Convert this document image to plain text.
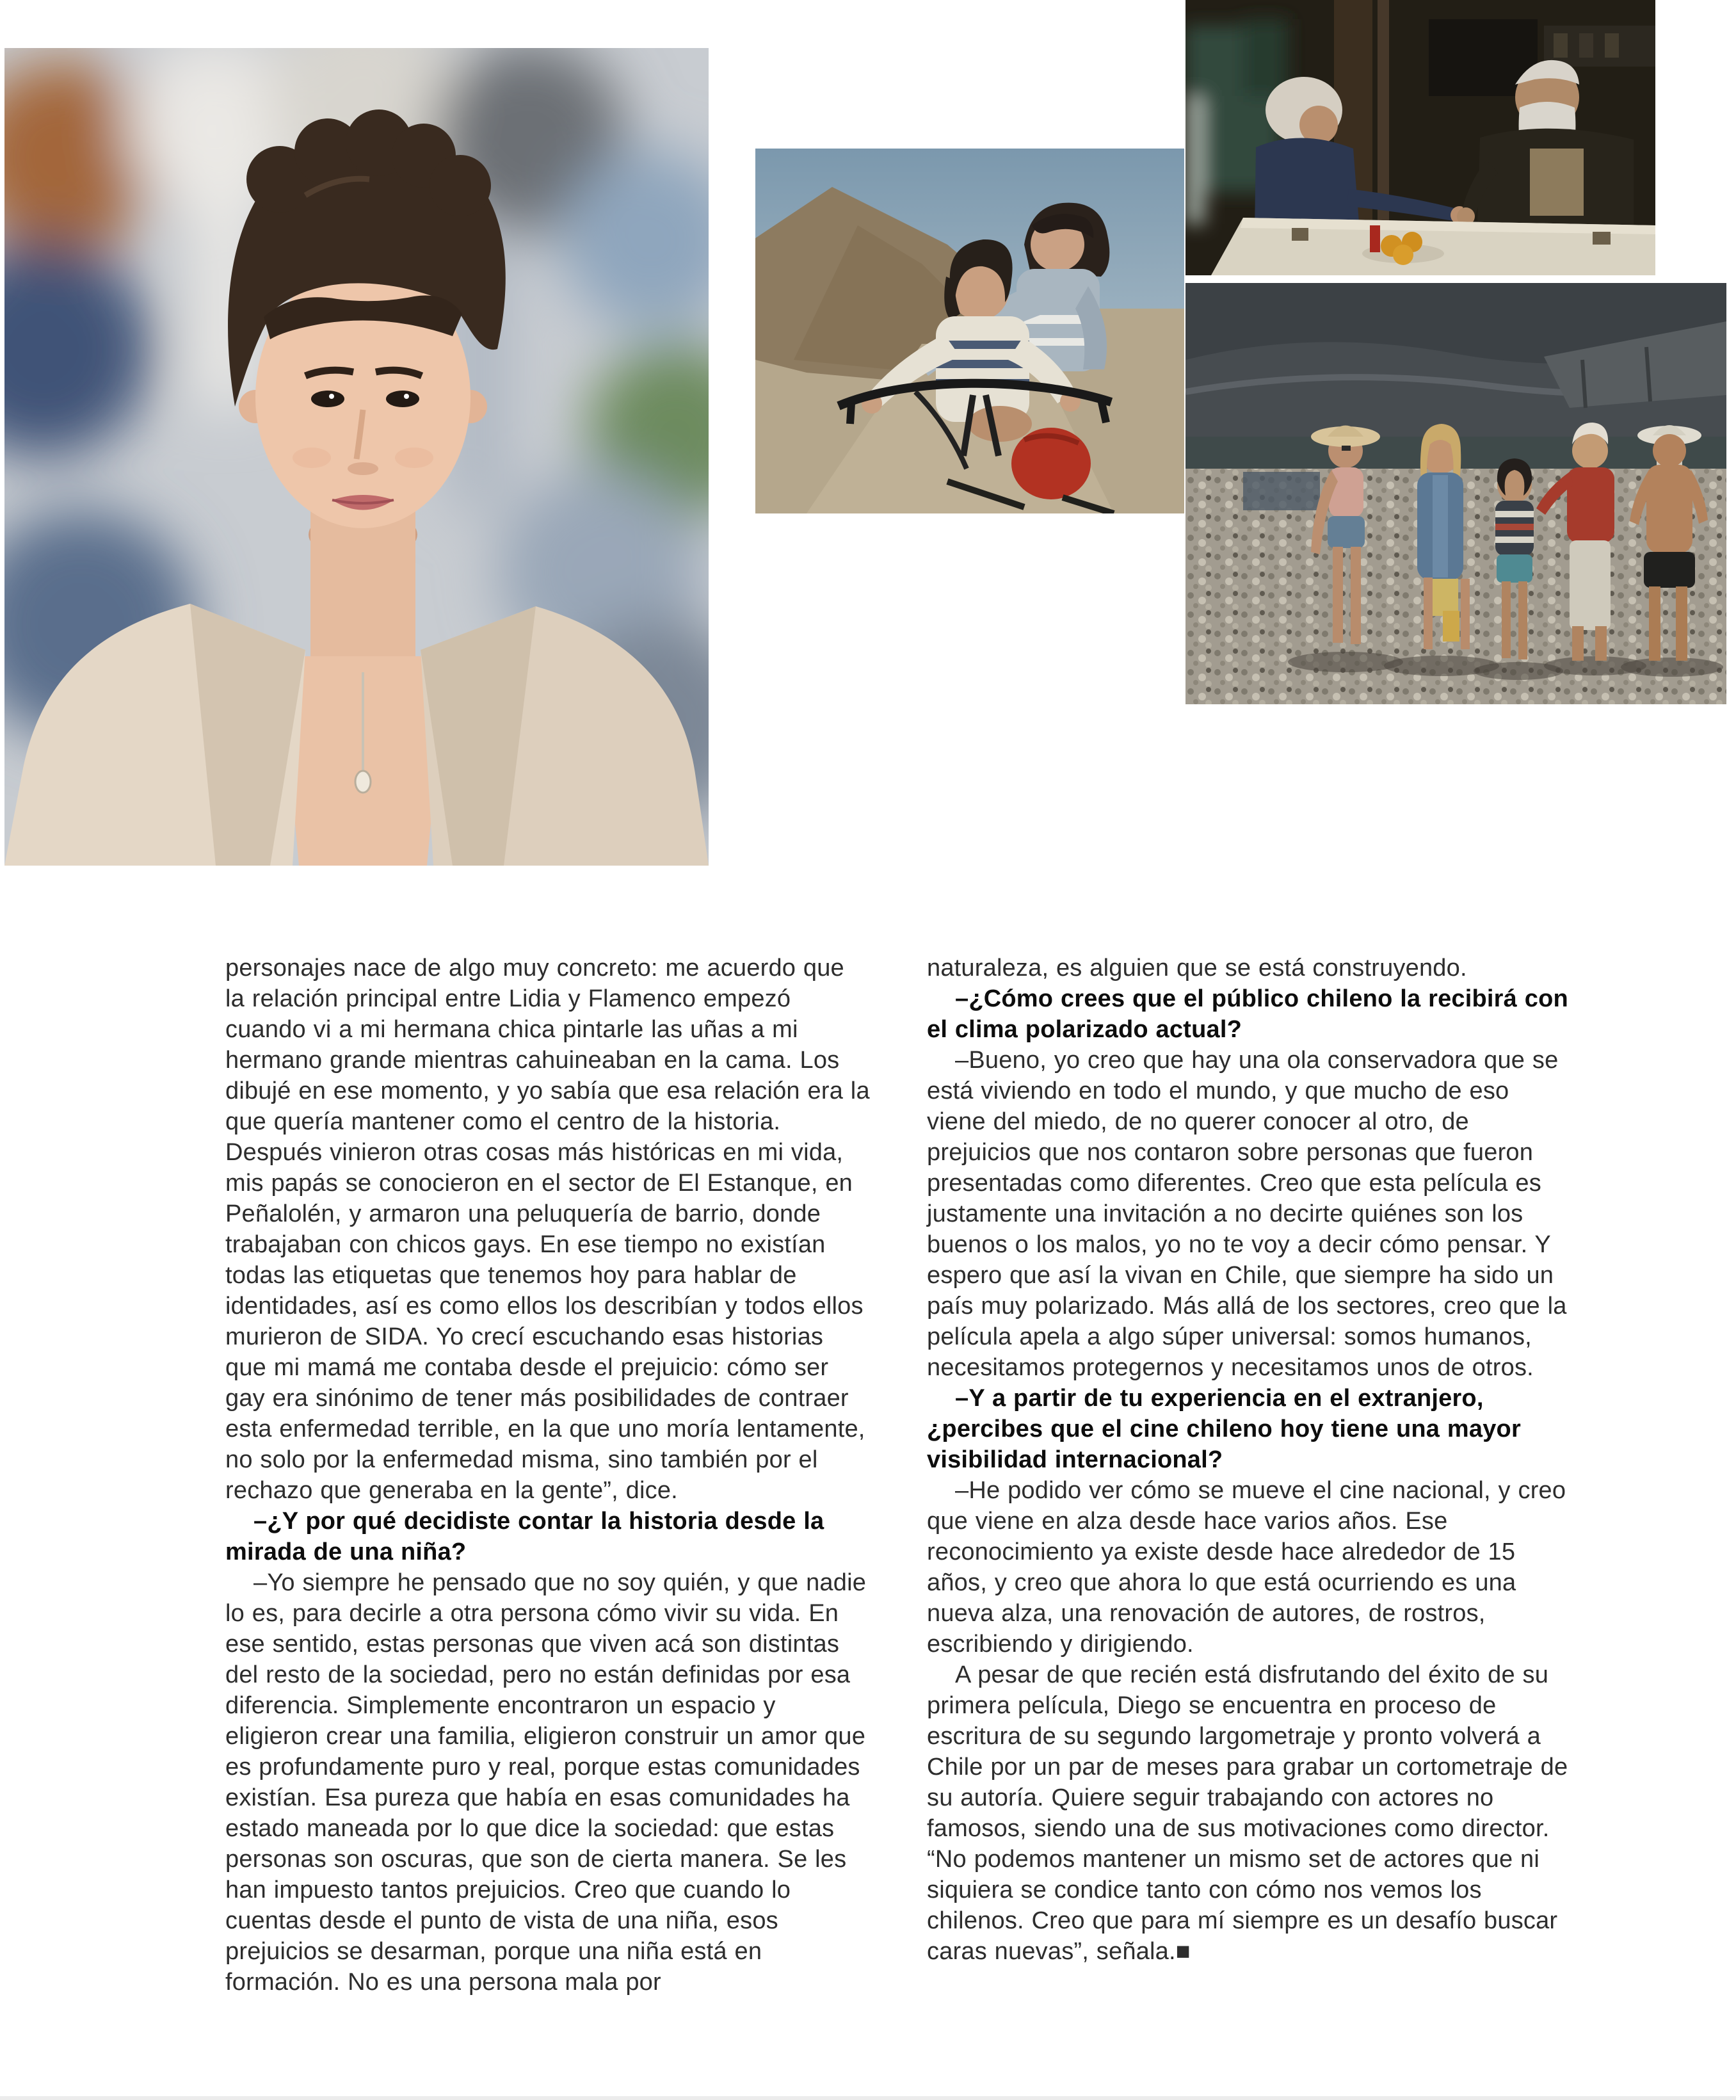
personajes nace de algo muy concreto: me acuerdo que la relación principal entre Lidia y Flamenco empezó cuando vi a mi hermana chica pintarle las uñas a mi hermano grande mientras cahuineaban en la cama. Los dibujé en ese momento, y yo sabía que esa relación era la que quería mantener como el centro de la historia. Después vinieron otras cosas más históricas en mi vida, mis papás se conocieron en el sector de El Estanque, en Peñalolén, y armaron una peluquería de barrio, donde trabajaban con chicos gays. En ese tiempo no existían todas las etiquetas que tenemos hoy para hablar de identidades, así es como ellos los describían y todos ellos murieron de SIDA. Yo crecí escuchando esas historias que mi mamá me contaba desde el prejuicio: cómo ser gay era sinónimo de tener más posibilidades de contraer esta enfermedad terrible, en la que uno moría lentamente, no solo por la enfermedad misma, sino también por el rechazo que generaba en la gente”, dice.

–¿Y por qué decidiste contar la historia desde la mirada de una niña?

–Yo siempre he pensado que no soy quién, y que nadie lo es, para decirle a otra persona cómo vivir su vida. En ese sentido, estas personas que viven acá son distintas del resto de la sociedad, pero no están definidas por esa diferencia. Simplemente encontraron un espacio y eligieron crear una familia, eligieron construir un amor que es profundamente puro y real, porque estas comunidades existían. Esa pureza que había en esas comunidades ha estado maneada por lo que dice la sociedad: que estas personas son oscuras, que son de cierta manera. Se les han impuesto tantos prejuicios. Creo que cuando lo cuentas desde el punto de vista de una niña, esos prejuicios se desarman, porque una niña está en formación. No es una persona mala por

naturaleza, es alguien que se está construyendo.

–¿Cómo crees que el público chileno la recibirá con el clima polarizado actual?

–Bueno, yo creo que hay una ola conservadora que se está viviendo en todo el mundo, y que mucho de eso viene del miedo, de no querer conocer al otro, de prejuicios que nos contaron sobre personas que fueron presentadas como diferentes. Creo que esta película es justamente una invitación a no decirte quiénes son los buenos o los malos, yo no te voy a decir cómo pensar. Y espero que así la vivan en Chile, que siempre ha sido un país muy polarizado. Más allá de los sectores, creo que la película apela a algo súper universal: somos humanos, necesitamos protegernos y necesitamos unos de otros.

–Y a partir de tu experiencia en el extranjero, ¿percibes que el cine chileno hoy tiene una mayor visibilidad internacional?

–He podido ver cómo se mueve el cine nacional, y creo que viene en alza desde hace varios años. Ese reconocimiento ya existe desde hace alrededor de 15 años, y creo que ahora lo que está ocurriendo es una nueva alza, una renovación de autores, de rostros, escribiendo y dirigiendo.

A pesar de que recién está disfrutando del éxito de su primera película, Diego se encuentra en proceso de escritura de su segundo largometraje y pronto volverá a Chile por un par de meses para grabar un cortometraje de su autoría. Quiere seguir trabajando con actores no famosos, siendo una de sus motivaciones como director. “No podemos mantener un mismo set de actores que ni siquiera se condice tanto con cómo nos vemos los chilenos. Creo que para mí siempre es un desafío buscar caras nuevas”, señala.■
